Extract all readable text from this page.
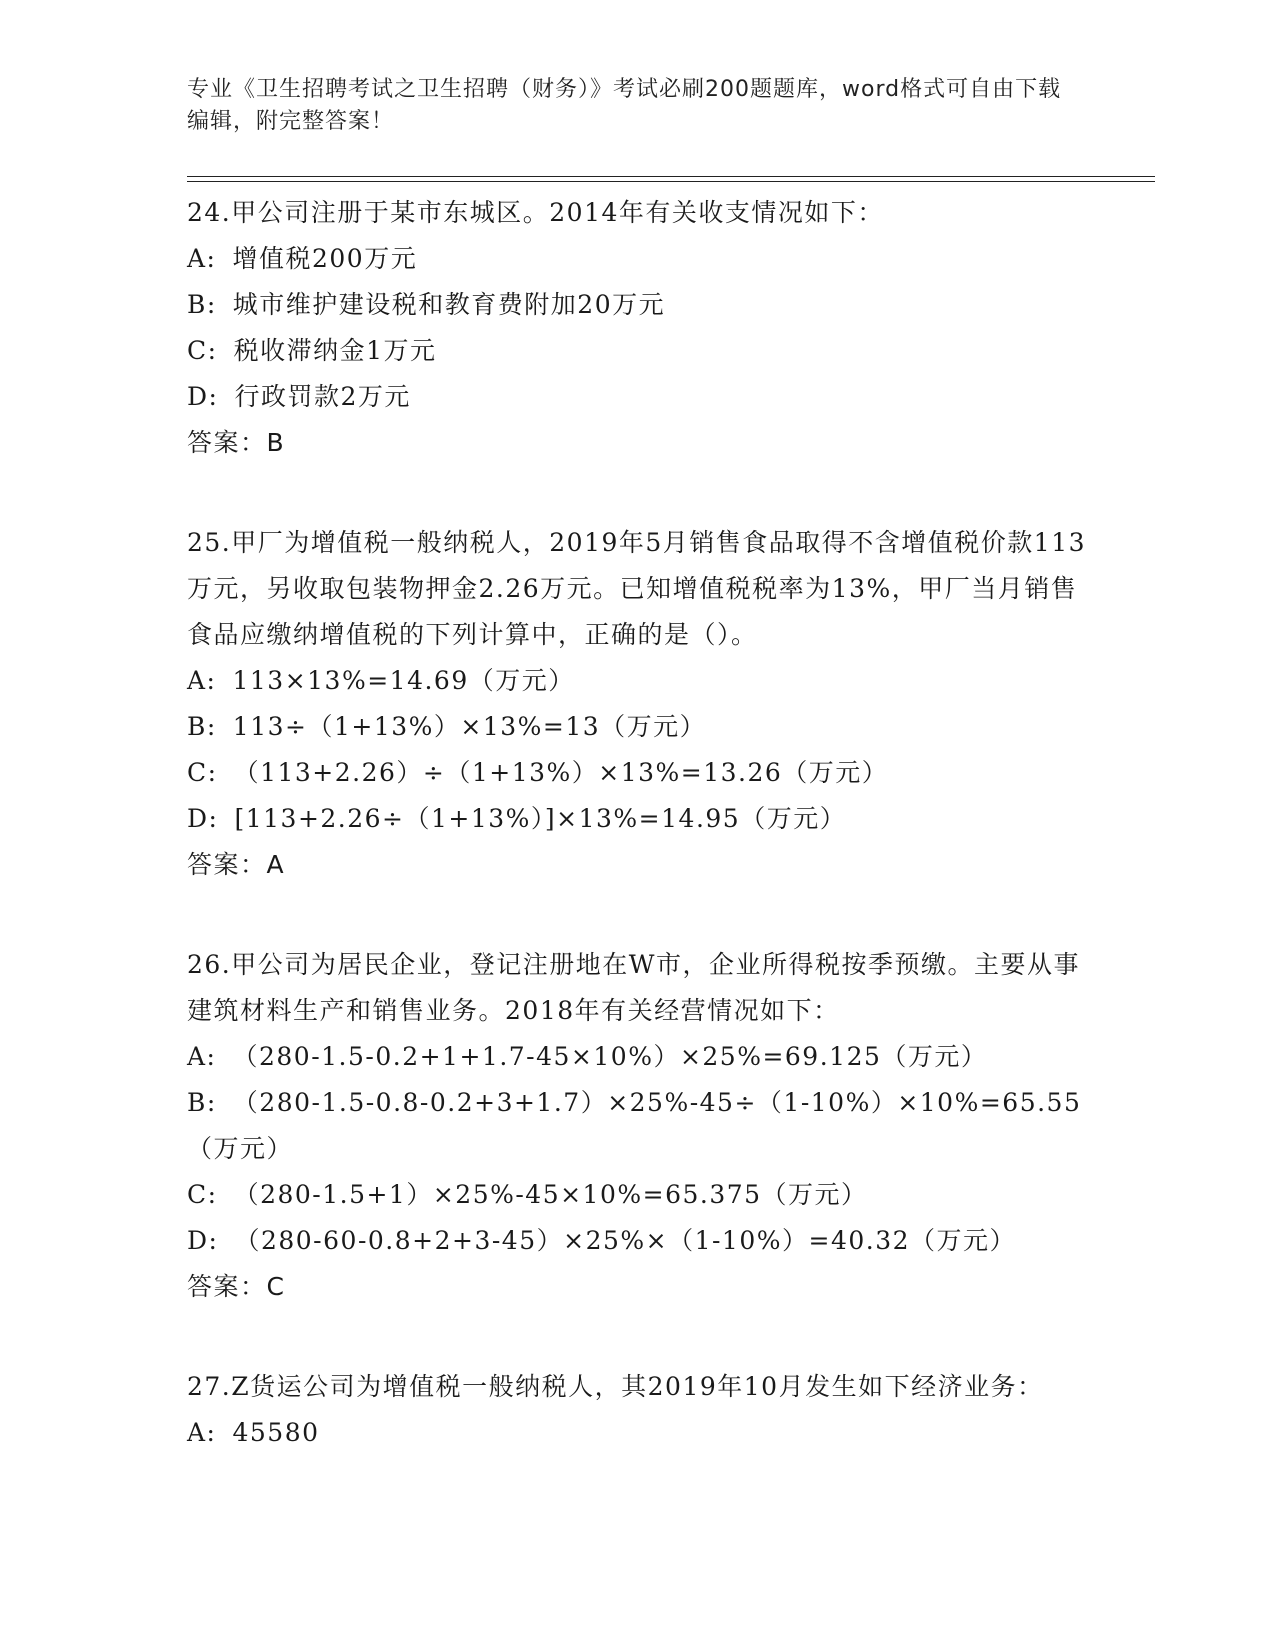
专业《卫生招聘考试之卫生招聘（财务）》考试必刷200题题库，word格式可自由下载编辑，附完整答案！

24.甲公司注册于某市东城区。2014年有关收支情况如下：

A: 增值税200万元

B: 城市维护建设税和教育费附加20万元

C: 税收滞纳金1万元

D: 行政罚款2万元

答案：B

25.甲厂为增值税一般纳税人，2019年5月销售食品取得不含增值税价款113万元，另收取包装物押金2.26万元。已知增值税税率为13%，甲厂当月销售食品应缴纳增值税的下列计算中，正确的是（）。

A: 113×13%=14.69（万元）

B: 113÷（1+13%）×13%=13（万元）

C: （113+2.26）÷（1+13%）×13%=13.26（万元）

D: [113+2.26÷（1+13%）]×13%=14.95（万元）

答案：A

26.甲公司为居民企业，登记注册地在W市，企业所得税按季预缴。主要从事建筑材料生产和销售业务。2018年有关经营情况如下：

A: （280-1.5-0.2+1+1.7-45×10%）×25%=69.125（万元）

B: （280-1.5-0.8-0.2+3+1.7）×25%-45÷（1-10%）×10%=65.55（万元）

C: （280-1.5+1）×25%-45×10%=65.375（万元）

D: （280-60-0.8+2+3-45）×25%×（1-10%）=40.32（万元）

答案：C

27.Z货运公司为增值税一般纳税人，其2019年10月发生如下经济业务：

A: 45580
